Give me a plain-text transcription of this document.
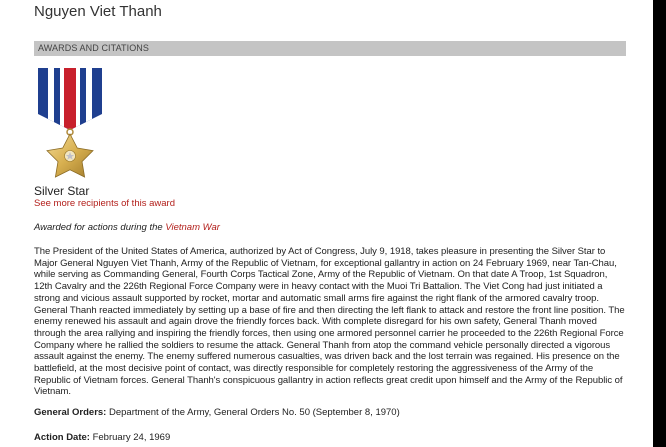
Nguyen Viet Thanh
AWARDS AND CITATIONS
Silver Star
See more recipients of this award
Awarded for actions during the Vietnam War

The President of the United States of America, authorized by Act of Congress, July 9, 1918, takes pleasure in presenting the Silver Star to Major General Nguyen Viet Thanh, Army of the Republic of Vietnam, for exceptional gallantry in action on 24 February 1969, near Tan-Chau, while serving as Commanding General, Fourth Corps Tactical Zone, Army of the Republic of Vietnam. On that date A Troop, 1st Squadron, 12th Cavalry and the 226th Regional Force Company were in heavy contact with the Muoi Tri Battalion. The Viet Cong had just initiated a strong and vicious assault supported by rocket, mortar and automatic small arms fire against the right flank of the armored cavalry troop. General Thanh reacted immediately by setting up a base of fire and then directing the left flank to attack and restore the front line position. The enemy renewed his assault and again drove the friendly forces back. With complete disregard for his own safety, General Thanh moved through the area rallying and inspiring the friendly forces, then using one armored personnel carrier he proceeded to the 226th Regional Force Company where he rallied the soldiers to resume the attack. General Thanh from atop the command vehicle personally directed a vigorous assault against the enemy. The enemy suffered numerous casualties, was driven back and the lost terrain was regained. His presence on the battlefield, at the most decisive point of contact, was directly responsible for completely restoring the aggressiveness of the Army of the Republic of Vietnam forces. General Thanh's conspicuous gallantry in action reflects great credit upon himself and the Army of the Republic of Vietnam.

General Orders: Department of the Army, General Orders No. 50 (September 8, 1970)
Action Date: February 24, 1969
